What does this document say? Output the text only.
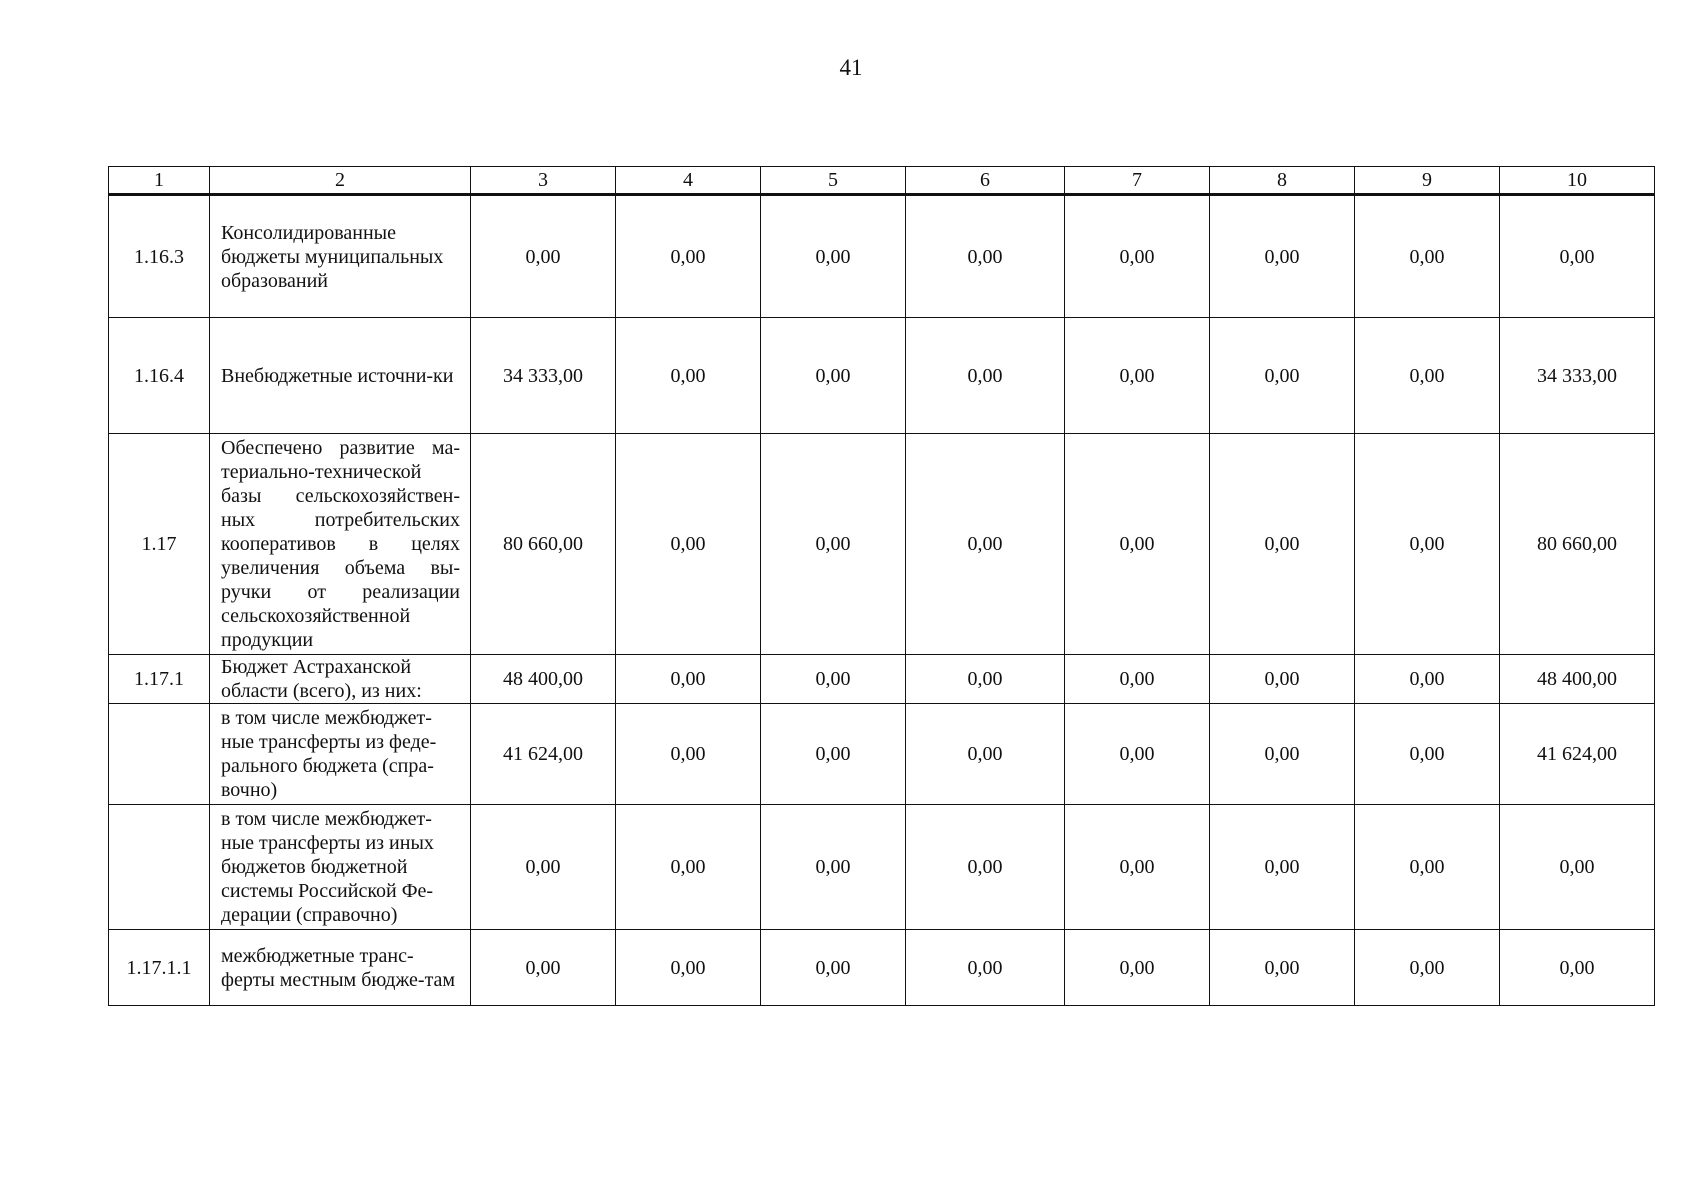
41
1	2	3	4	5	6	7	8	9	10
1.16.3	Консолидированные бюджеты муниципальных образований	0,00	0,00	0,00	0,00	0,00	0,00	0,00	0,00
1.16.4	Внебюджетные источни-ки	34 333,00	0,00	0,00	0,00	0,00	0,00	0,00	34 333,00
1.17	Обеспечено развитие ма-териально-технической базы сельскохозяйствен-ных потребительских кооперативов в целях увеличения объема вы-ручки от реализации сельскохозяйственной продукции	80 660,00	0,00	0,00	0,00	0,00	0,00	0,00	80 660,00
1.17.1	Бюджет Астраханской области (всего), из них:	48 400,00	0,00	0,00	0,00	0,00	0,00	0,00	48 400,00
	в том числе межбюджет-ные трансферты из феде-рального бюджета (спра-вочно)	41 624,00	0,00	0,00	0,00	0,00	0,00	0,00	41 624,00
	в том числе межбюджет-ные трансферты из иных бюджетов бюджетной системы Российской Фе-дерации (справочно)	0,00	0,00	0,00	0,00	0,00	0,00	0,00	0,00
1.17.1.1	межбюджетные транс-ферты местным бюдже-там	0,00	0,00	0,00	0,00	0,00	0,00	0,00	0,00
